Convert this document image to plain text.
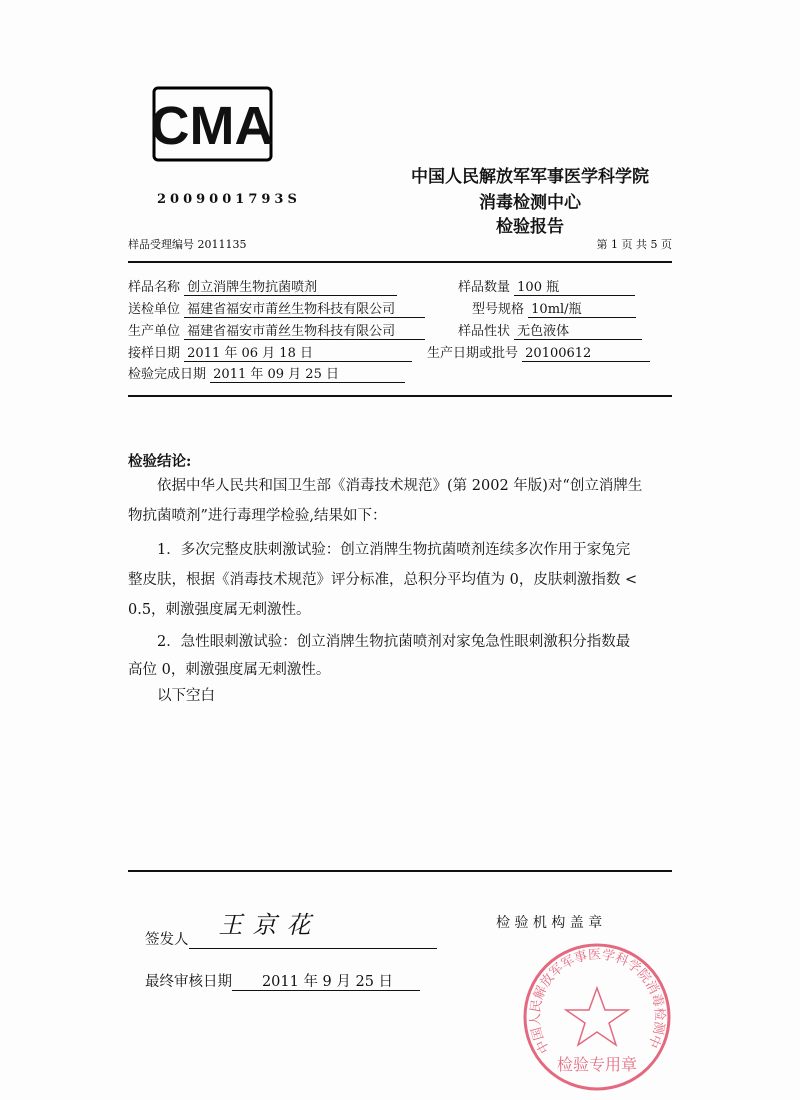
CMA
2009001793S
中国人民解放军军事医学科学院
消毒检测中心
检验报告
样品受理编号 2011135	第 1 页 共 5 页
样品名称 创立消牌生物抗菌喷剂	样品数量 100 瓶
送检单位 福建省福安市莆丝生物科技有限公司	型号规格 10ml/瓶
生产单位 福建省福安市莆丝生物科技有限公司	样品性状 无色液体
接样日期 2011 年 06 月 18 日	生产日期或批号 20100612
检验完成日期 2011 年 09 月 25 日
检验结论:
依据中华人民共和国卫生部《消毒技术规范》(第 2002 年版)对“创立消牌生
物抗菌喷剂”进行毒理学检验,结果如下：
1．多次完整皮肤刺激试验：创立消牌生物抗菌喷剂连续多次作用于家兔完
整皮肤，根据《消毒技术规范》评分标准，总积分平均值为 0，皮肤刺激指数 <
0.5，刺激强度属无刺激性。
2．急性眼刺激试验：创立消牌生物抗菌喷剂对家兔急性眼刺激积分指数最
高位 0，刺激强度属无刺激性。
以下空白
签发人
王京花	检 验 机 构 盖 章
最终审核日期 2011 年 9 月 25 日
中国人民解放军军事医学科学院消毒检测中
检验专用章
